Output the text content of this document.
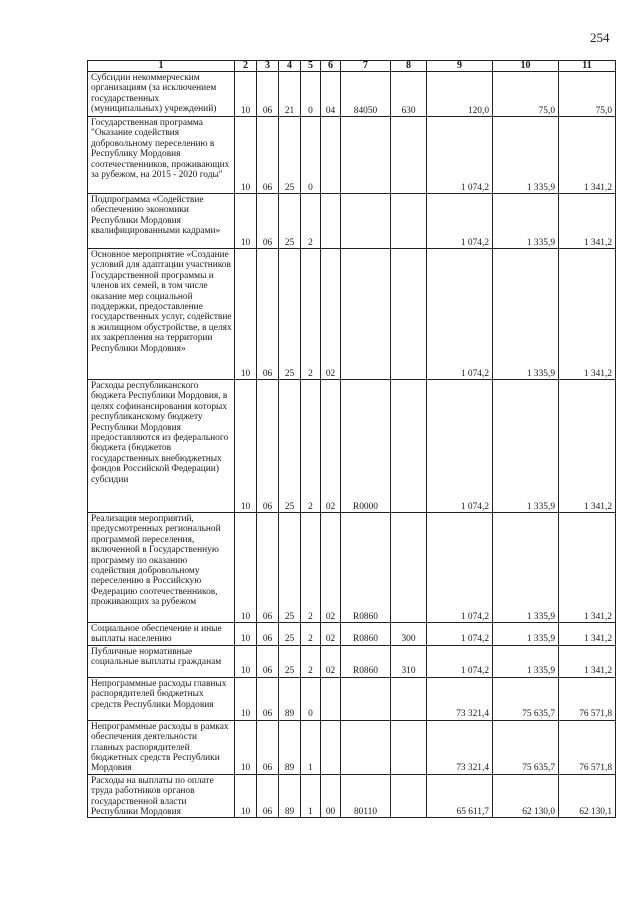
254
1	2	3	4	5	6	7	8	9	10	11
Субсидии некоммерческим организациям (за исключением государственных (муниципальных) учреждений)	10	06	21	0	04	84050	630	120,0	75,0	75,0
Государственная программа "Оказание содействия добровольному переселению в Республику Мордовия соотечественников, проживающих за рубежом, на 2015 - 2020 годы"	10	06	25	0				1 074,2	1 335,9	1 341,2
Подпрограмма «Содействие обеспечению экономики Республики Мордовия квалифицированными кадрами»	10	06	25	2				1 074,2	1 335,9	1 341,2
Основное мероприятие «Создание условий для адаптации участников Государственной программы и членов их семей, в том числе оказание мер социальной поддержки, предоставление государственных услуг, содействие в жилищном обустройстве, в целях их закрепления на территории Республики Мордовия»	10	06	25	2	02			1 074,2	1 335,9	1 341,2
Расходы республиканского бюджета Республики Мордовия, в целях софинансирования которых республиканскому бюджету Республики Мордовия предоставляются из федерального бюджета (бюджетов государственных внебюджетных фондов Российской Федерации) субсидии	10	06	25	2	02	R0000		1 074,2	1 335,9	1 341,2
Реализация мероприятий, предусмотренных региональной программой переселения, включенной в Государственную программу по оказанию содействия добровольному переселению в Российскую Федерацию соотечественников, проживающих за рубежом	10	06	25	2	02	R0860		1 074,2	1 335,9	1 341,2
Социальное обеспечение и иные выплаты населению	10	06	25	2	02	R0860	300	1 074,2	1 335,9	1 341,2
Публичные нормативные социальные выплаты гражданам	10	06	25	2	02	R0860	310	1 074,2	1 335,9	1 341,2
Непрограммные расходы главных распорядителей бюджетных средств Республики Мордовия	10	06	89	0				73 321,4	75 635,7	76 571,8
Непрограммные расходы в рамках обеспечения деятельности главных распорядителей бюджетных средств Республики Мордовия	10	06	89	1				73 321,4	75 635,7	76 571,8
Расходы на выплаты по оплате труда работников органов государственной власти Республики Мордовия	10	06	89	1	00	80110		65 611,7	62 130,0	62 130,1
